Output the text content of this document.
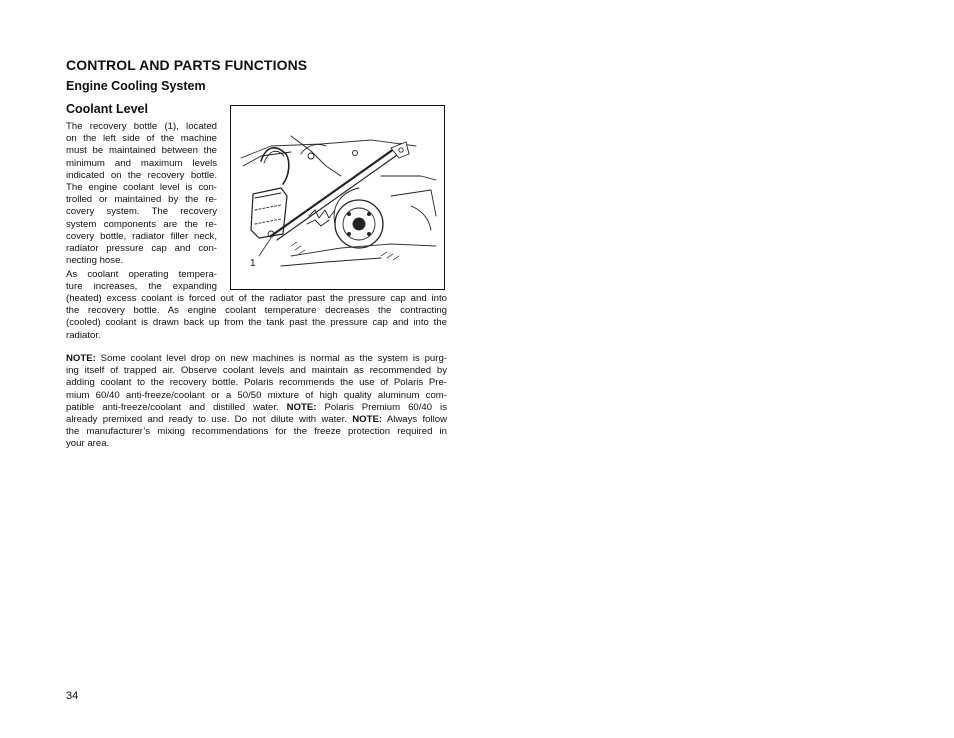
CONTROL AND PARTS FUNCTIONS
Engine Cooling System
Coolant Level
The recovery bottle (1), located
on the left side of the machine
must be maintained between the
minimum and maximum levels
indicated on the recovery bottle.
The engine coolant level is con-
trolled or maintained by the re-
covery system. The recovery
system components are the re-
covery bottle, radiator filler neck,
radiator pressure cap and con-
necting hose.
As coolant operating tempera-
ture increases, the expanding
(heated) excess coolant is forced out of the radiator past the pressure cap and into
the recovery bottle. As engine coolant temperature decreases the contracting
(cooled) coolant is drawn back up from the tank past the pressure cap and into the
radiator.
NOTE: Some coolant level drop on new machines is normal as the system is purg-
ing itself of trapped air. Observe coolant levels and maintain as recommended by
adding coolant to the recovery bottle. Polaris recommends the use of Polaris Pre-
mium 60/40 anti-freeze/coolant or a 50/50 mixture of high quality aluminum com-
patible anti-freeze/coolant and distilled water. NOTE: Polaris Premium 60/40 is
already premixed and ready to use. Do not dilute with water. NOTE: Always follow
the manufacturer’s mixing recommendations for the freeze protection required in
your area.
1
34
